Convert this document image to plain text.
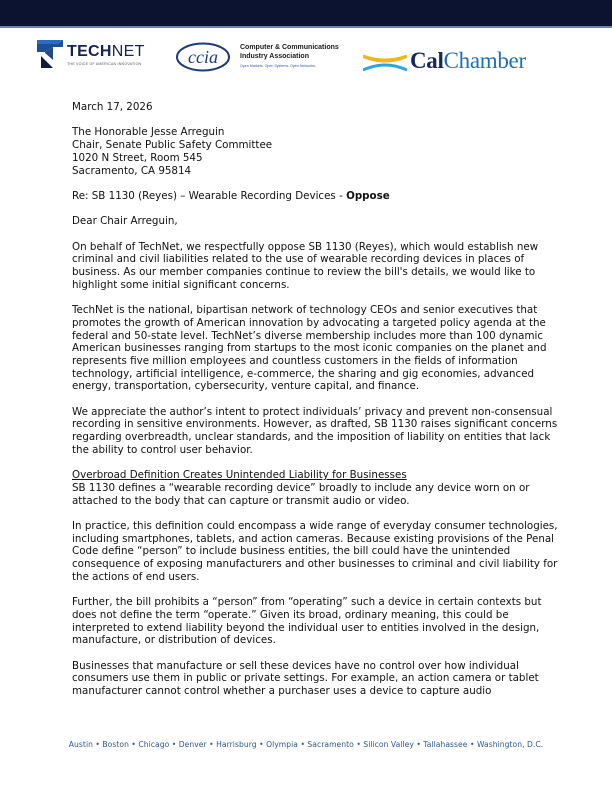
TECHNET
THE VOICE OF AMERICAN INNOVATION	ccia	Computer & Communications
Industry Association
Open Markets. Open Systems. Open Networks.	CalChamber

March 17, 2026

The Honorable Jesse Arreguin
Chair, Senate Public Safety Committee
1020 N Street, Room 545
Sacramento, CA 95814

Re: SB 1130 (Reyes) – Wearable Recording Devices - Oppose

Dear Chair Arreguin,

On behalf of TechNet, we respectfully oppose SB 1130 (Reyes), which would establish new criminal and civil liabilities related to the use of wearable recording devices in places of business. As our member companies continue to review the bill's details, we would like to highlight some initial significant concerns.

TechNet is the national, bipartisan network of technology CEOs and senior executives that promotes the growth of American innovation by advocating a targeted policy agenda at the federal and 50-state level. TechNet’s diverse membership includes more than 100 dynamic American businesses ranging from startups to the most iconic companies on the planet and represents five million employees and countless customers in the fields of information technology, artificial intelligence, e-commerce, the sharing and gig economies, advanced energy, transportation, cybersecurity, venture capital, and finance.

We appreciate the author’s intent to protect individuals’ privacy and prevent non-consensual recording in sensitive environments. However, as drafted, SB 1130 raises significant concerns regarding overbreadth, unclear standards, and the imposition of liability on entities that lack the ability to control user behavior.

Overbroad Definition Creates Unintended Liability for Businesses

SB 1130 defines a “wearable recording device” broadly to include any device worn on or attached to the body that can capture or transmit audio or video.

In practice, this definition could encompass a wide range of everyday consumer technologies, including smartphones, tablets, and action cameras. Because existing provisions of the Penal Code define “person” to include business entities, the bill could have the unintended consequence of exposing manufacturers and other businesses to criminal and civil liability for the actions of end users.

Further, the bill prohibits a “person” from “operating” such a device in certain contexts but does not define the term “operate.” Given its broad, ordinary meaning, this could be interpreted to extend liability beyond the individual user to entities involved in the design, manufacture, or distribution of devices.

Businesses that manufacture or sell these devices have no control over how individual consumers use them in public or private settings. For example, an action camera or tablet manufacturer cannot control whether a purchaser uses a device to capture audio

Austin • Boston • Chicago • Denver • Harrisburg • Olympia • Sacramento • Silicon Valley • Tallahassee • Washington, D.C.
